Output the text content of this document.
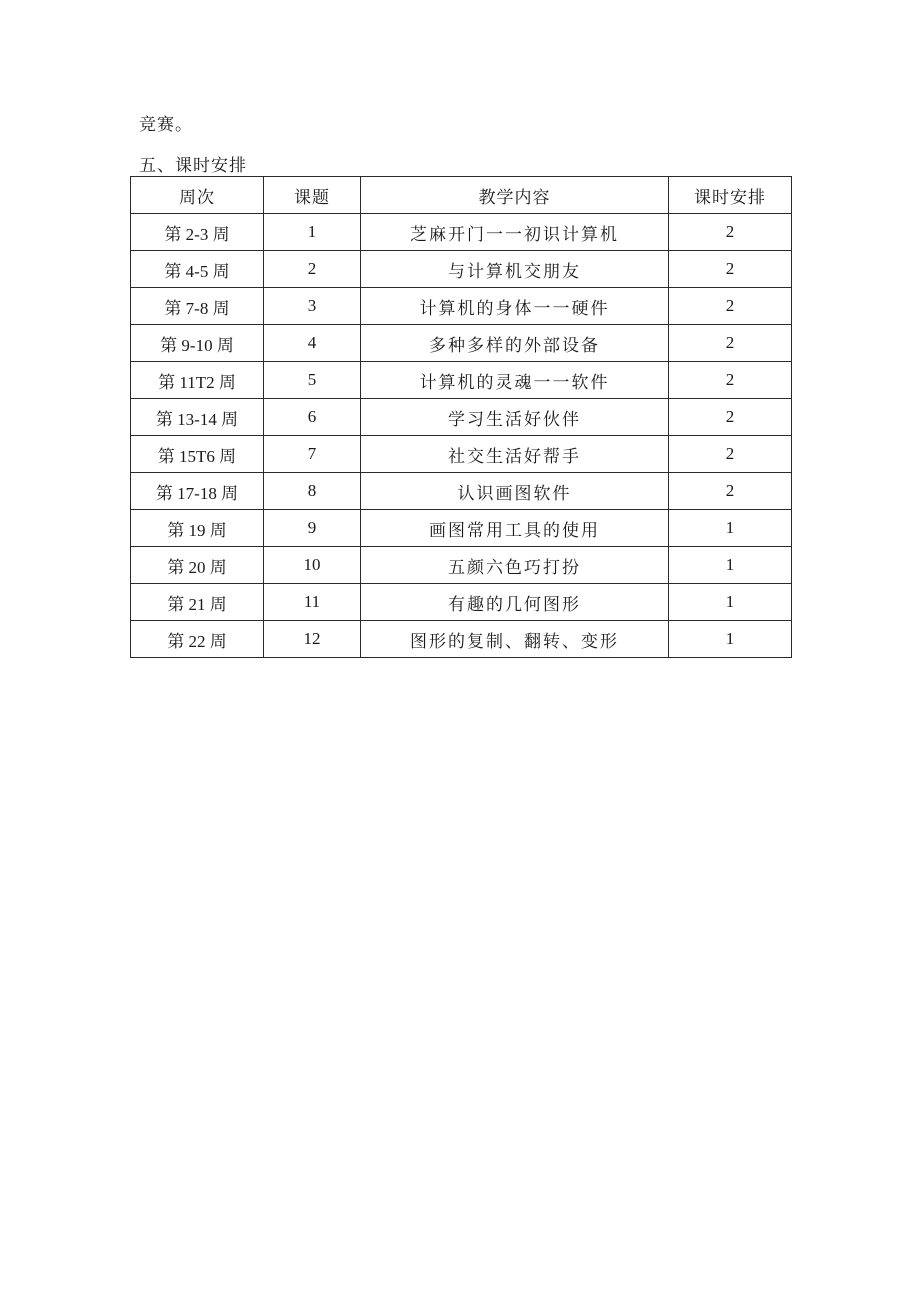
竞赛。
五、课时安排
周次	课题	教学内容	课时安排
第 2-3 周	1	芝麻开门一一初识计算机	2
第 4-5 周	2	与计算机交朋友	2
第 7-8 周	3	计算机的身体一一硬件	2
第 9-10 周	4	多种多样的外部设备	2
第 11T2 周	5	计算机的灵魂一一软件	2
第 13-14 周	6	学习生活好伙伴	2
第 15T6 周	7	社交生活好帮手	2
第 17-18 周	8	认识画图软件	2
第 19 周	9	画图常用工具的使用	1
第 20 周	10	五颜六色巧打扮	1
第 21 周	11	有趣的几何图形	1
第 22 周	12	图形的复制、翻转、变形	1
